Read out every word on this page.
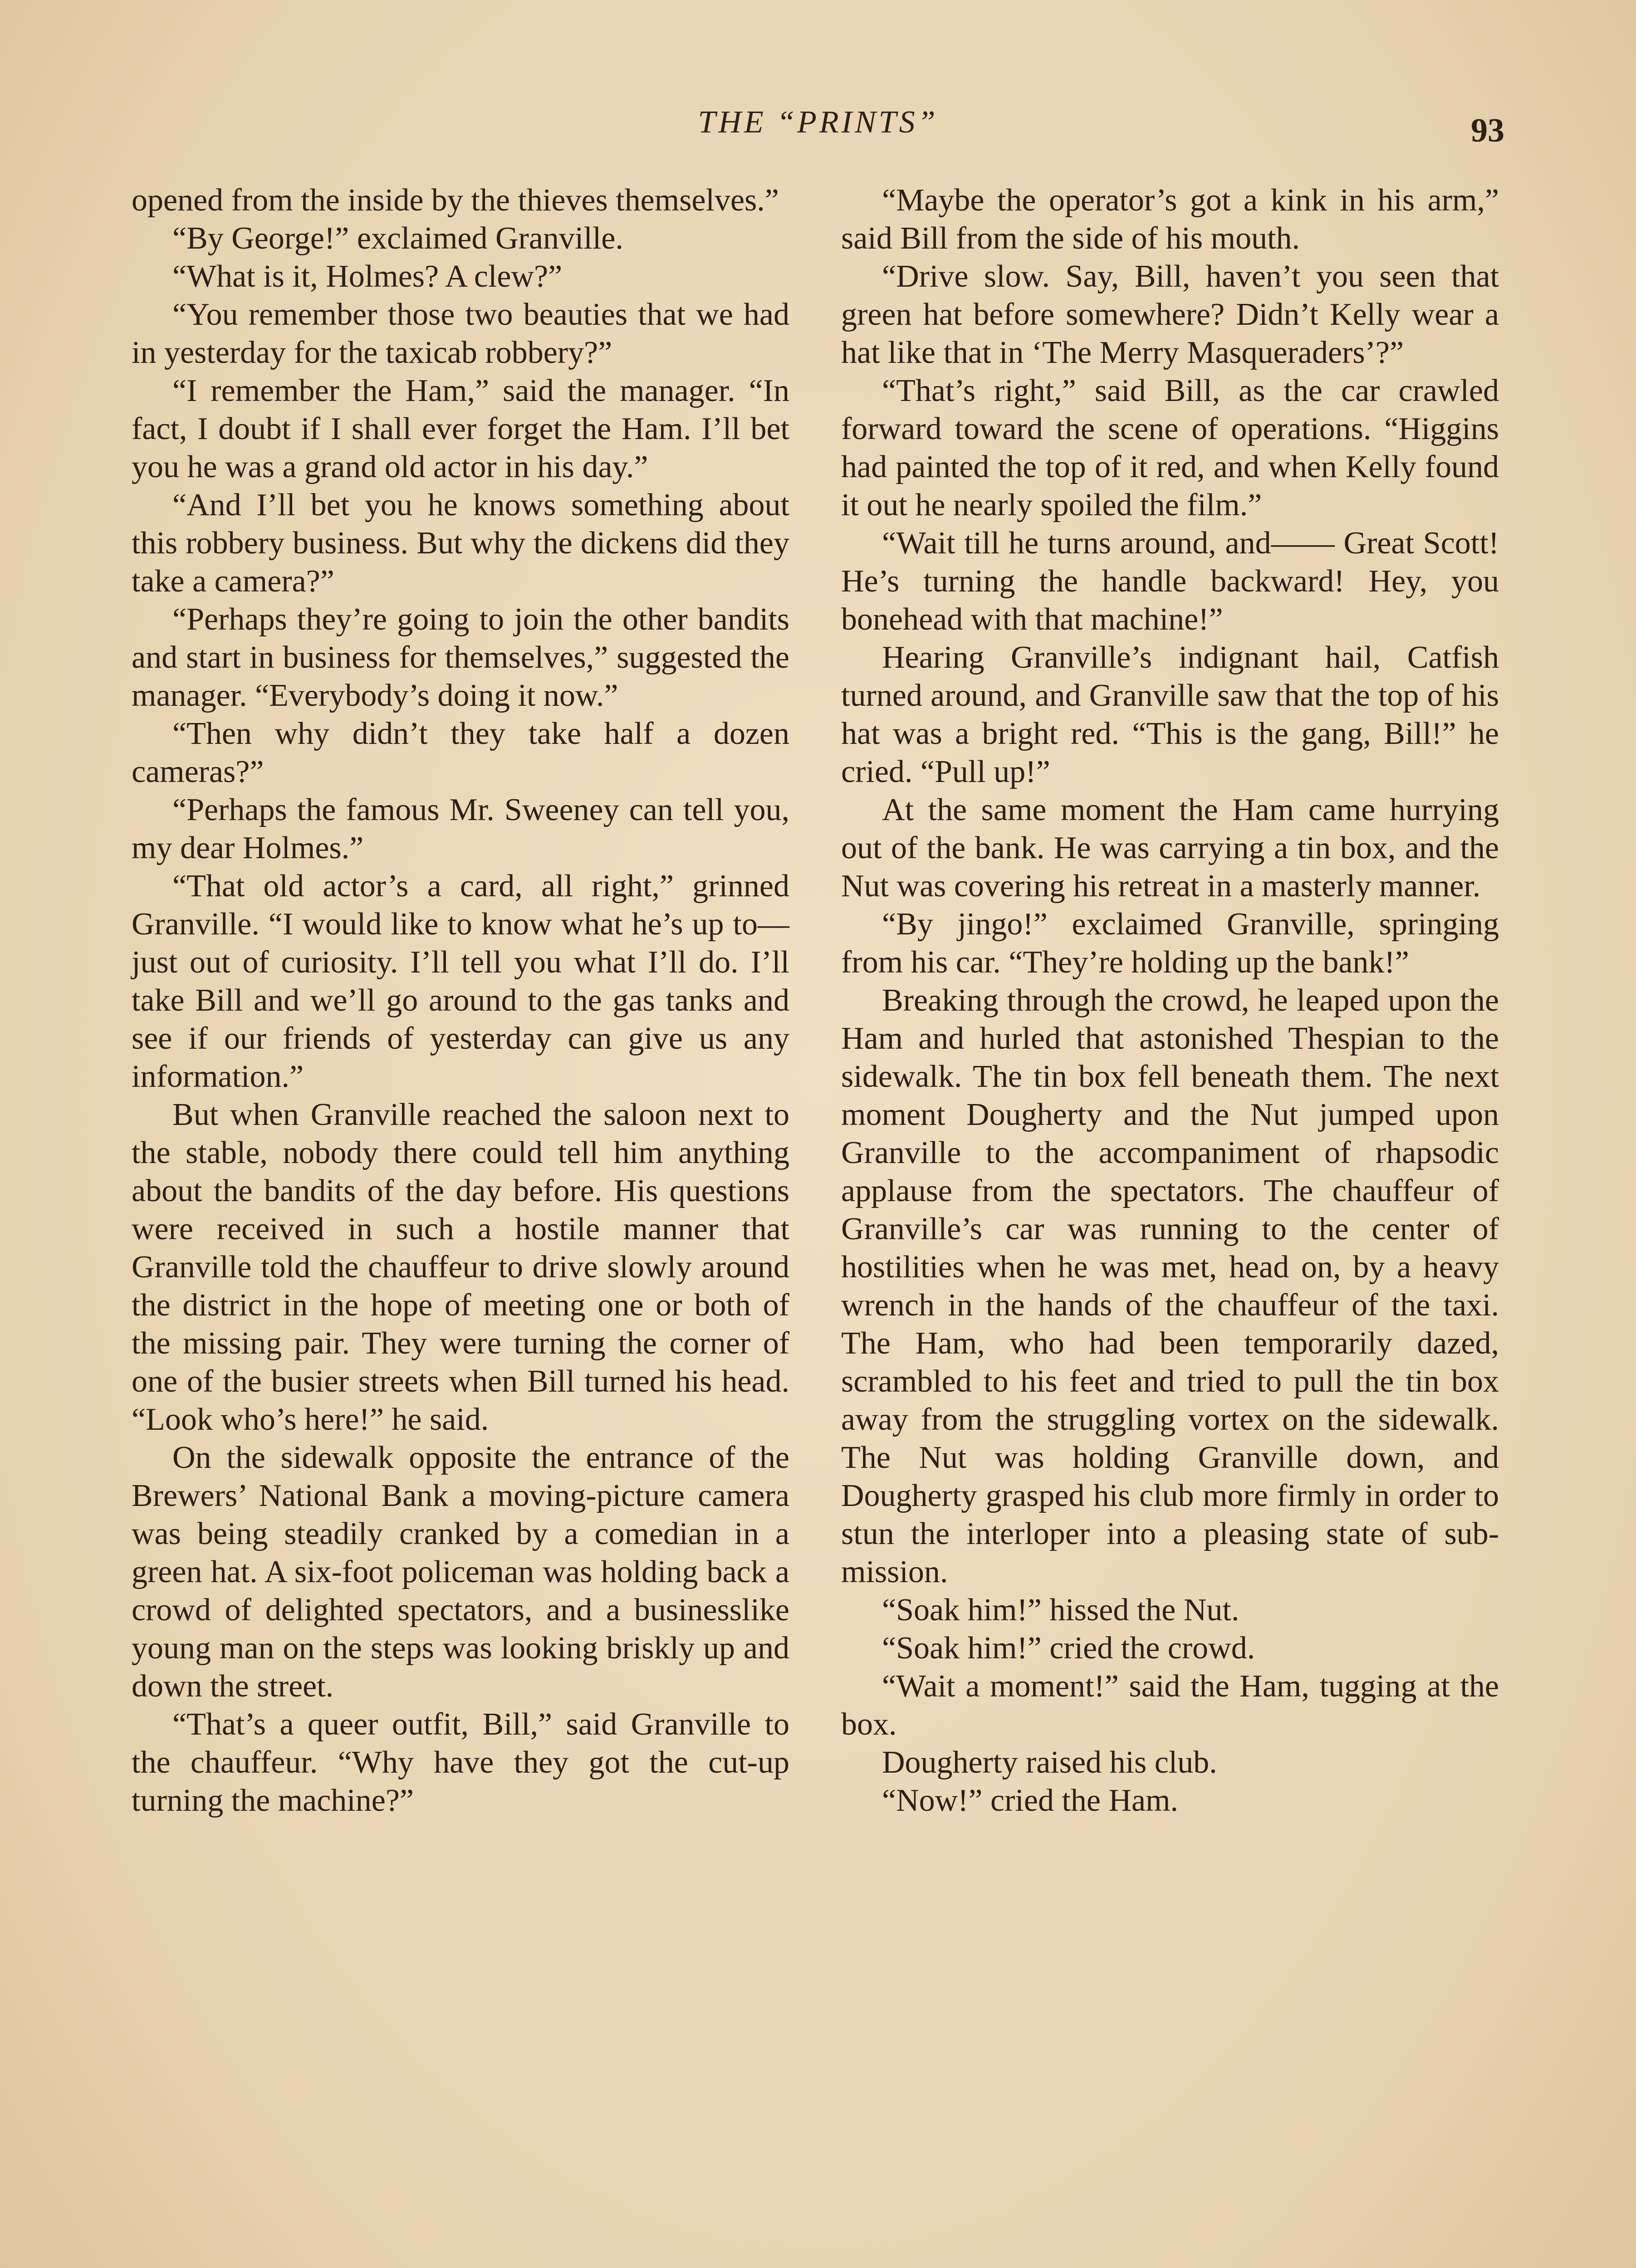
THE “PRINTS”	93

opened from the inside by the thieves themselves.”

“By George!” exclaimed Granville.

“What is it, Holmes? A clew?”

“You remember those two beauties that we had in yesterday for the taxicab robbery?”

“I remember the Ham,” said the manager. “In fact, I doubt if I shall ever forget the Ham. I’ll bet you he was a grand old actor in his day.”

“And I’ll bet you he knows something about this robbery business. But why the dickens did they take a camera?”

“Perhaps they’re going to join the other bandits and start in business for themselves,” suggested the manager. “Everybody’s doing it now.”

“Then why didn’t they take half a dozen cameras?”

“Perhaps the famous Mr. Sweeney can tell you, my dear Holmes.”

“That old actor’s a card, all right,” grinned Granville. “I would like to know what he’s up to—just out of curiosity. I’ll tell you what I’ll do. I’ll take Bill and we’ll go around to the gas tanks and see if our friends of yesterday can give us any information.”

But when Granville reached the saloon next to the stable, nobody there could tell him anything about the bandits of the day before. His questions were received in such a hostile manner that Granville told the chauffeur to drive slowly around the district in the hope of meeting one or both of the missing pair. They were turning the corner of one of the busier streets when Bill turned his head. “Look who’s here!” he said.

On the sidewalk opposite the entrance of the Brewers’ National Bank a moving-picture camera was being steadily cranked by a comedian in a green hat. A six-foot policeman was holding back a crowd of delighted spectators, and a businesslike young man on the steps was looking briskly up and down the street.

“That’s a queer outfit, Bill,” said Granville to the chauffeur. “Why have they got the cut-up turning the machine?”

“Maybe the operator’s got a kink in his arm,” said Bill from the side of his mouth.

“Drive slow. Say, Bill, haven’t you seen that green hat before somewhere? Didn’t Kelly wear a hat like that in ‘The Merry Masqueraders’?”

“That’s right,” said Bill, as the car crawled forward toward the scene of operations. “Higgins had painted the top of it red, and when Kelly found it out he nearly spoiled the film.”

“Wait till he turns around, and—— Great Scott! He’s turning the handle backward! Hey, you bonehead with that machine!”

Hearing Granville’s indignant hail, Catfish turned around, and Granville saw that the top of his hat was a bright red. “This is the gang, Bill!” he cried. “Pull up!”

At the same moment the Ham came hurrying out of the bank. He was carrying a tin box, and the Nut was covering his retreat in a masterly manner.

“By jingo!” exclaimed Granville, springing from his car. “They’re holding up the bank!”

Breaking through the crowd, he leaped upon the Ham and hurled that astonished Thespian to the sidewalk. The tin box fell beneath them. The next moment Dougherty and the Nut jumped upon Granville to the accompaniment of rhapsodic applause from the spectators. The chauffeur of Granville’s car was running to the center of hostilities when he was met, head on, by a heavy wrench in the hands of the chauffeur of the taxi. The Ham, who had been temporarily dazed, scrambled to his feet and tried to pull the tin box away from the struggling vortex on the sidewalk. The Nut was holding Granville down, and Dougherty grasped his club more firmly in order to stun the interloper into a pleasing state of submission.

“Soak him!” hissed the Nut.

“Soak him!” cried the crowd.

“Wait a moment!” said the Ham, tugging at the box.

Dougherty raised his club.

“Now!” cried the Ham.
